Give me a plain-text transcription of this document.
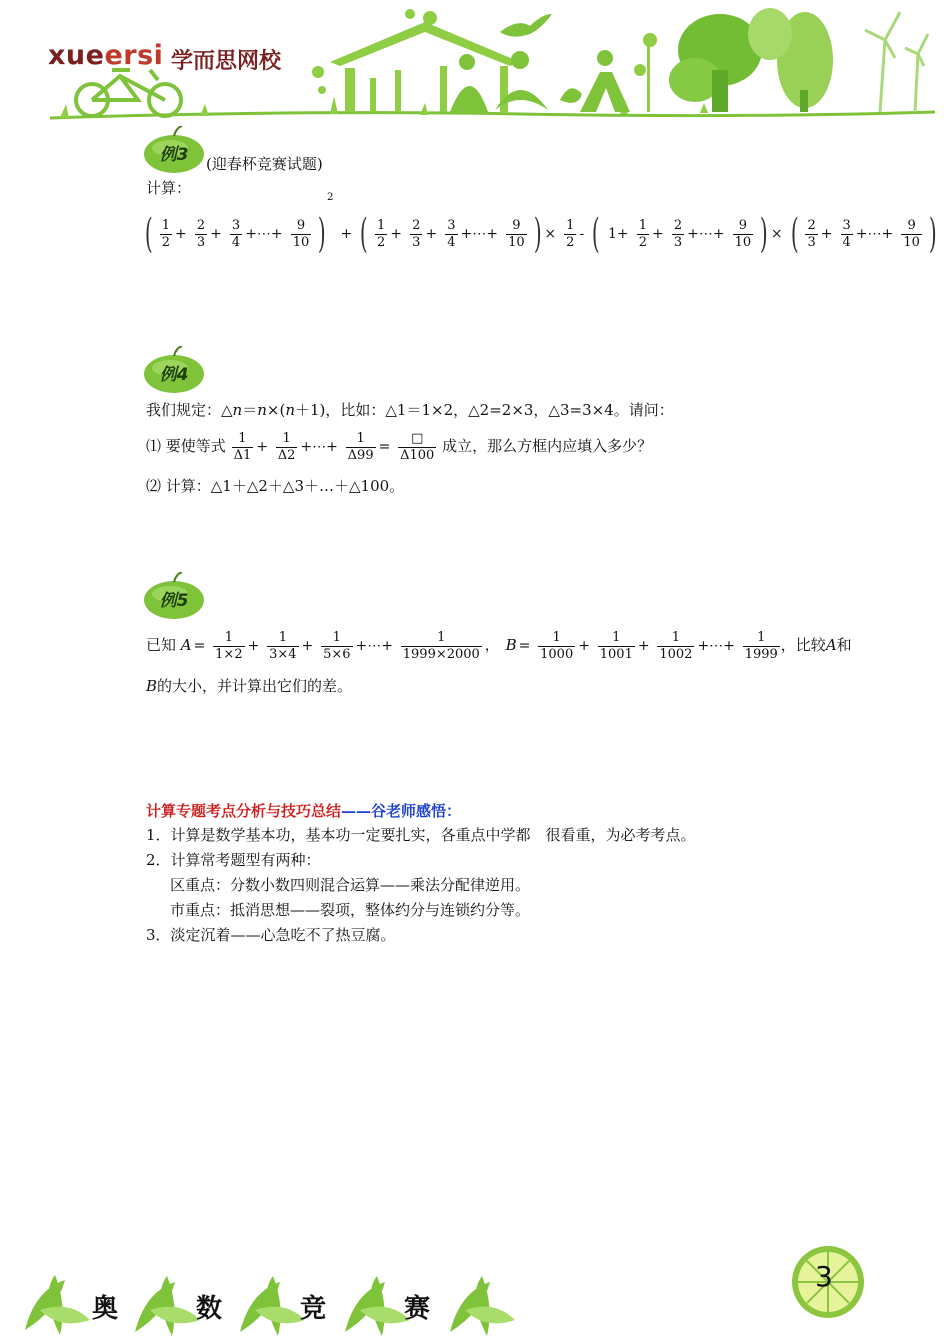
xueersi 学而思网校
例3	(迎春杯竞赛试题)
计算：
( $\frac{1}{2} + \frac{2}{3} + \frac{3}{4}$ +⋯+ $\frac{9}{10} )2$ + ( $\frac{1}{2} + \frac{2}{3} + \frac{3}{4}$ +⋯+ $\frac{9}{10}$ ) × $\frac{1}{2}$ - ( $1+ \frac{1}{2} + \frac{2}{3}$ +⋯+ $\frac{9}{10}$ ) × ( $\frac{2}{3} + \frac{3}{4}$ +⋯+ $\frac{9}{10}$ )
例4
我们规定：△n＝n×(n＋1)，比如：△1＝1×2，△2=2×3，△3=3×4。请问：
⑴ 要使等式 $\frac{1}{\Delta 1} + \frac{1}{\Delta 2}$ +⋯+ $\frac{1}{\Delta 99} = \frac{□}{\Delta 100}$ 成立，那么方框内应填入多少？
⑵ 计算：△1＋△2＋△3＋…＋△100。
例5
已知 $A = \frac{1}{1\times 2} + \frac{1}{3\times 4} + \frac{1}{5\times 6}$ +⋯+ $\frac{1}{1999\times 2000}$ ， $B = \frac{1}{1000} + \frac{1}{1001} + \frac{1}{1002}$ +⋯+ $\frac{1}{1999}$ ，比较A和
B的大小，并计算出它们的差。
计算专题考点分析与技巧总结——谷老师感悟：
1．计算是数学基本功，基本功一定要扎实，各重点中学都　很看重，为必考考点。
2．计算常考题型有两种：
区重点：分数小数四则混合运算——乘法分配律逆用。
市重点：抵消思想——裂项，整体约分与连锁约分等。
3．淡定沉着——心急吃不了热豆腐。
奥	数	竞	赛
3
